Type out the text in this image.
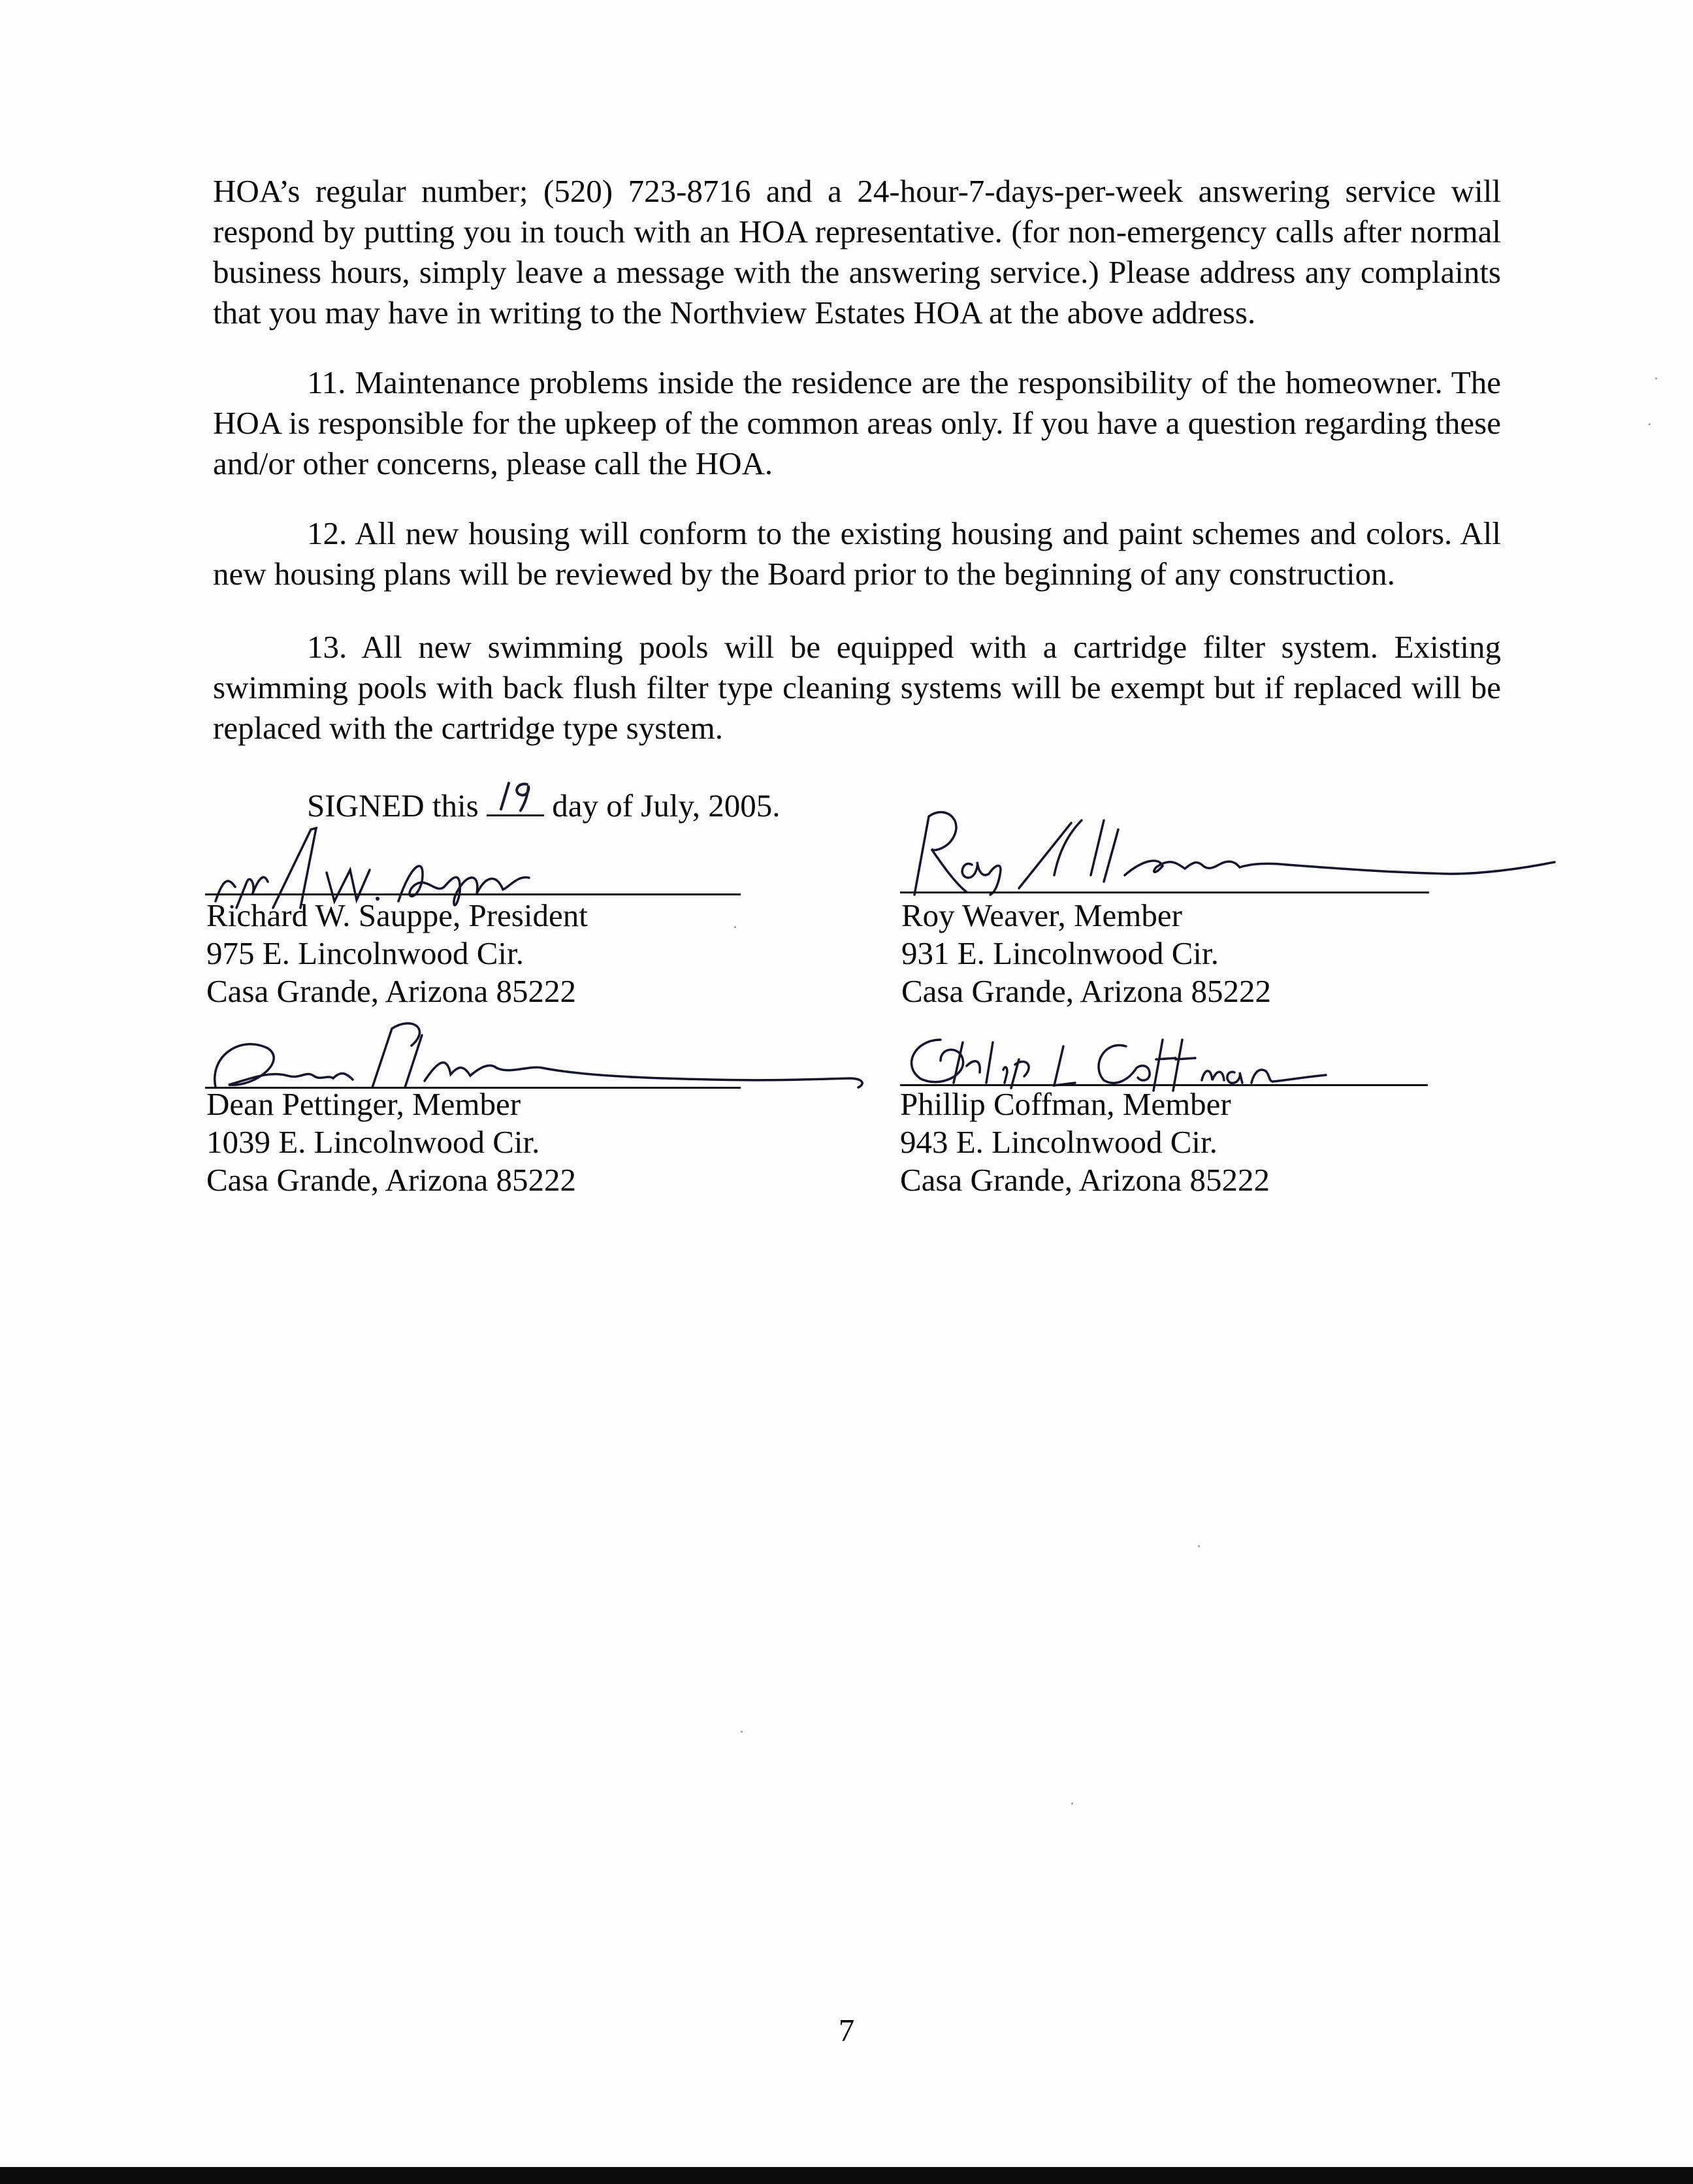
HOA’s regular number; (520) 723-8716 and a 24-hour-7-days-per-week answering service will respond by putting you in touch with an HOA representative. (for non-emergency calls after normal business hours, simply leave a message with the answering service.) Please address any complaints that you may have in writing to the Northview Estates HOA at the above address.

11. Maintenance problems inside the residence are the responsibility of the homeowner. The HOA is responsible for the upkeep of the common areas only. If you have a question regarding these and/or other concerns, please call the HOA.

12. All new housing will conform to the existing housing and paint schemes and colors. All new housing plans will be reviewed by the Board prior to the beginning of any construction.

13. All new swimming pools will be equipped with a cartridge filter system. Existing swimming pools with back flush filter type cleaning systems will be exempt but if replaced will be replaced with the cartridge type system.

SIGNED this day of July, 2005.
Richard W. Sauppe, President
975 E. Lincolnwood Cir.
Casa Grande, Arizona 85222
Roy Weaver, Member
931 E. Lincolnwood Cir.
Casa Grande, Arizona 85222
Dean Pettinger, Member
1039 E. Lincolnwood Cir.
Casa Grande, Arizona 85222
Phillip Coffman, Member
943 E. Lincolnwood Cir.
Casa Grande, Arizona 85222
7
